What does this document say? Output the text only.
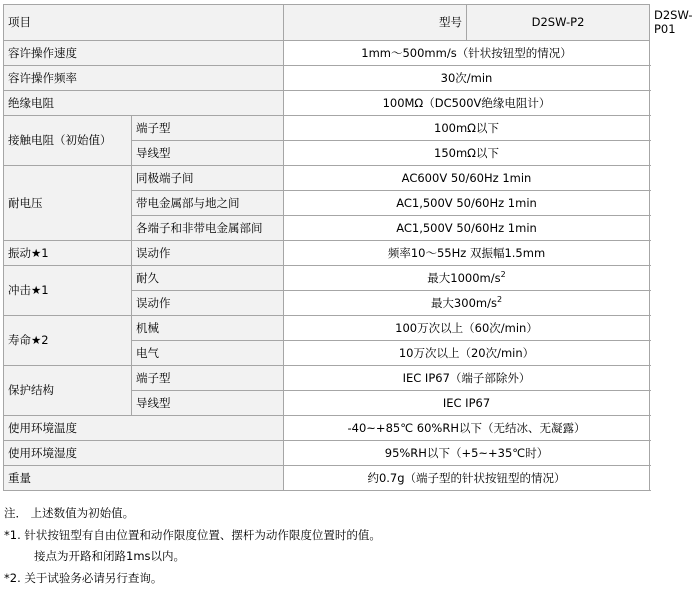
项目		型号	D2SW-P2	D2SW-P01
容许操作速度		1mm～500mm/s（针状按钮型的情况）		
容许操作频率		30次/min		
绝缘电阻		100MΩ（DC500V绝缘电阻计）		
接触电阻（初始值）	端子型	100mΩ以下		
	导线型	150mΩ以下		
耐电压	同极端子间	AC600V 50/60Hz 1min		
	带电金属部与地之间	AC1,500V 50/60Hz 1min		
	各端子和非带电金属部间	AC1,500V 50/60Hz 1min		
振动★1	误动作	频率10～55Hz 双振幅1.5mm		
冲击★1	耐久	最大$1000m/s^2$
	误动作	最大$300m/s^2$
寿命★2	机械	100万次以上（60次/min）		
	电气	10万次以上（20次/min）		
保护结构	端子型	IEC IP67（端子部除外）		
	导线型	IEC IP67		
使用环境温度		-40~+85℃ 60%RH以下（无结冰、无凝露）		
使用环境湿度		95%RH以下（+5~+35℃时）		
重量		约0.7g（端子型的针状按钮型的情况）		
注． 上述数值为初始值。
*1. 针状按钮型有自由位置和动作限度位置、摆杆为动作限度位置时的值。
接点为开路和闭路1ms以内。
*2. 关于试验务必请另行查询。
